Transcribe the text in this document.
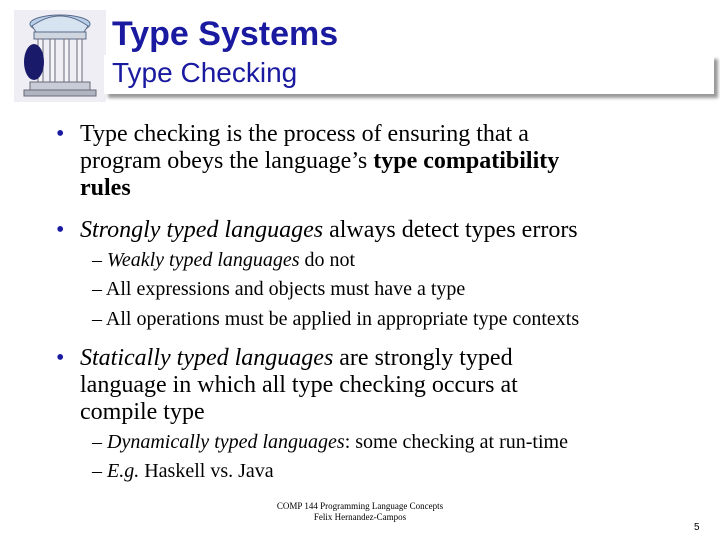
Type Systems
Type Checking
• Type checking is the process of ensuring that a
program obeys the language’s type compatibility
rules
• Strongly typed languages always detect types errors
– Weakly typed languages do not
– All expressions and objects must have a type
– All operations must be applied in appropriate type contexts
• Statically typed languages are strongly typed
language in which all type checking occurs at
compile type
– Dynamically typed languages: some checking at run-time
– E.g. Haskell vs. Java
COMP 144 Programming Language Concepts
Felix Hernandez-Campos
5
